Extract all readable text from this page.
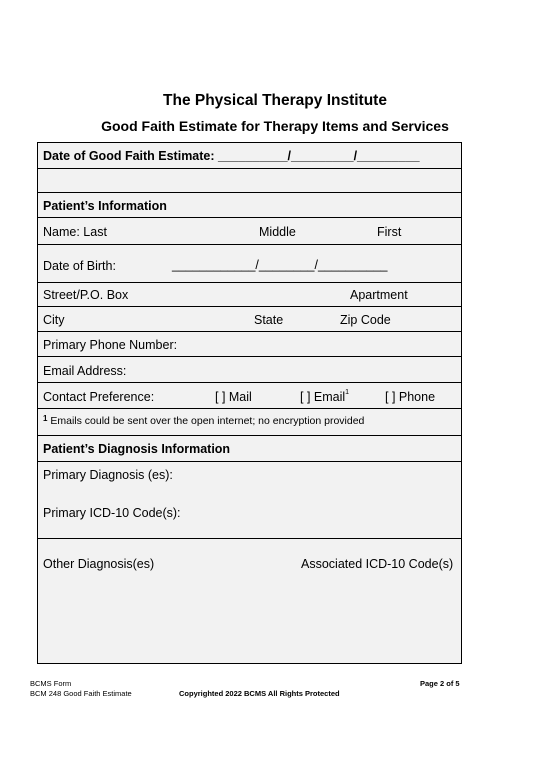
The Physical Therapy Institute
Good Faith Estimate for Therapy Items and Services
Date of Good Faith Estimate: __________/_________/_________
Patient’s Information
Name: Last	Middle	First
Date of Birth:	____________/________/__________
Street/P.O. Box	Apartment
City	State	Zip Code
Primary Phone Number:
Email Address:
Contact Preference:	[ ] Mail	[ ] Email$^1$	[ ] Phone
$^1$ Emails could be sent over the open internet; no encryption provided
Patient’s Diagnosis Information
Primary Diagnosis (es):
Primary ICD-10 Code(s):
Other Diagnosis(es)	Associated ICD-10 Code(s)
BCMS Form
BCM 248 Good Faith Estimate	Copyrighted 2022 BCMS All Rights Protected
Page 2 of 5
